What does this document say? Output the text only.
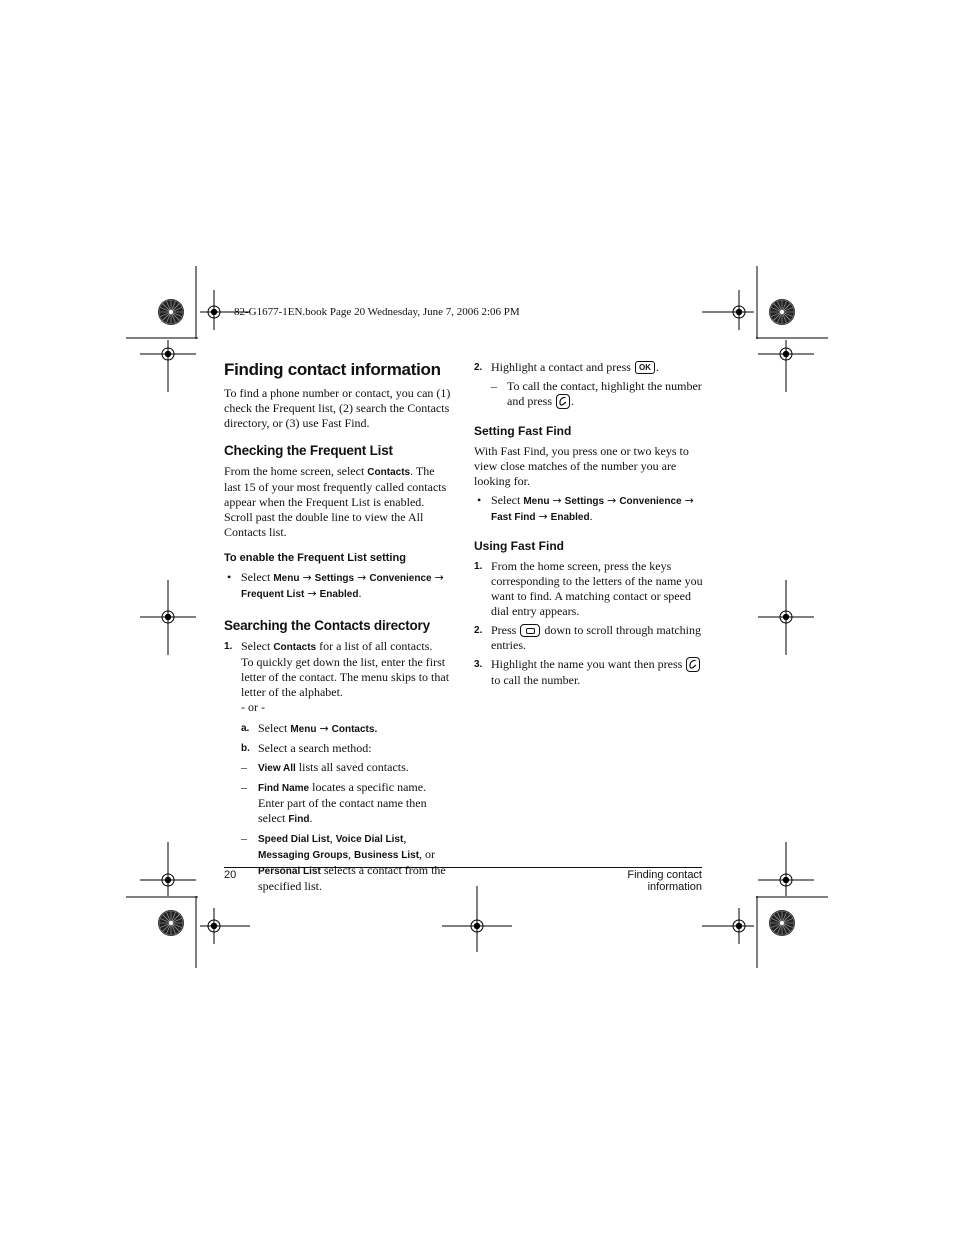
82-G1677-1EN.book Page 20 Wednesday, June 7, 2006 2:06 PM
Finding contact information

To find a phone number or contact, you can (1) check the Frequent list, (2) search the Contacts directory, or (3) use Fast Find.

Checking the Frequent List

From the home screen, select Contacts. The last 15 of your most frequently called contacts appear when the Frequent List is enabled. Scroll past the double line to view the All Contacts list.

To enable the Frequent List setting
• Select Menu → Settings → Convenience → Frequent List → Enabled.
Searching the Contacts directory
1. Select Contacts for a list of all contacts.
To quickly get down the list, enter the first letter of the contact. The menu skips to that letter of the alphabet.
- or -
a. Select Menu → Contacts.
b. Select a search method:
– View All lists all saved contacts.
– Find Name locates a specific name. Enter part of the contact name then select Find.
– Speed Dial List, Voice Dial List, Messaging Groups, Business List, or Personal List selects a contact from the specified list.
2. Highlight a contact and press OK .
– To call the contact, highlight the number and press
.
Setting Fast Find

With Fast Find, you press one or two keys to view close matches of the number you are looking for.

• Select Menu → Settings → Convenience → Fast Find → Enabled.
Using Fast Find
1. From the home screen, press the keys corresponding to the letters of the name you want to find. A matching contact or speed dial entry appears.
2. Press  down to scroll through matching entries.
3. Highlight the name you want then press
to call the number.
20	Finding contact information
